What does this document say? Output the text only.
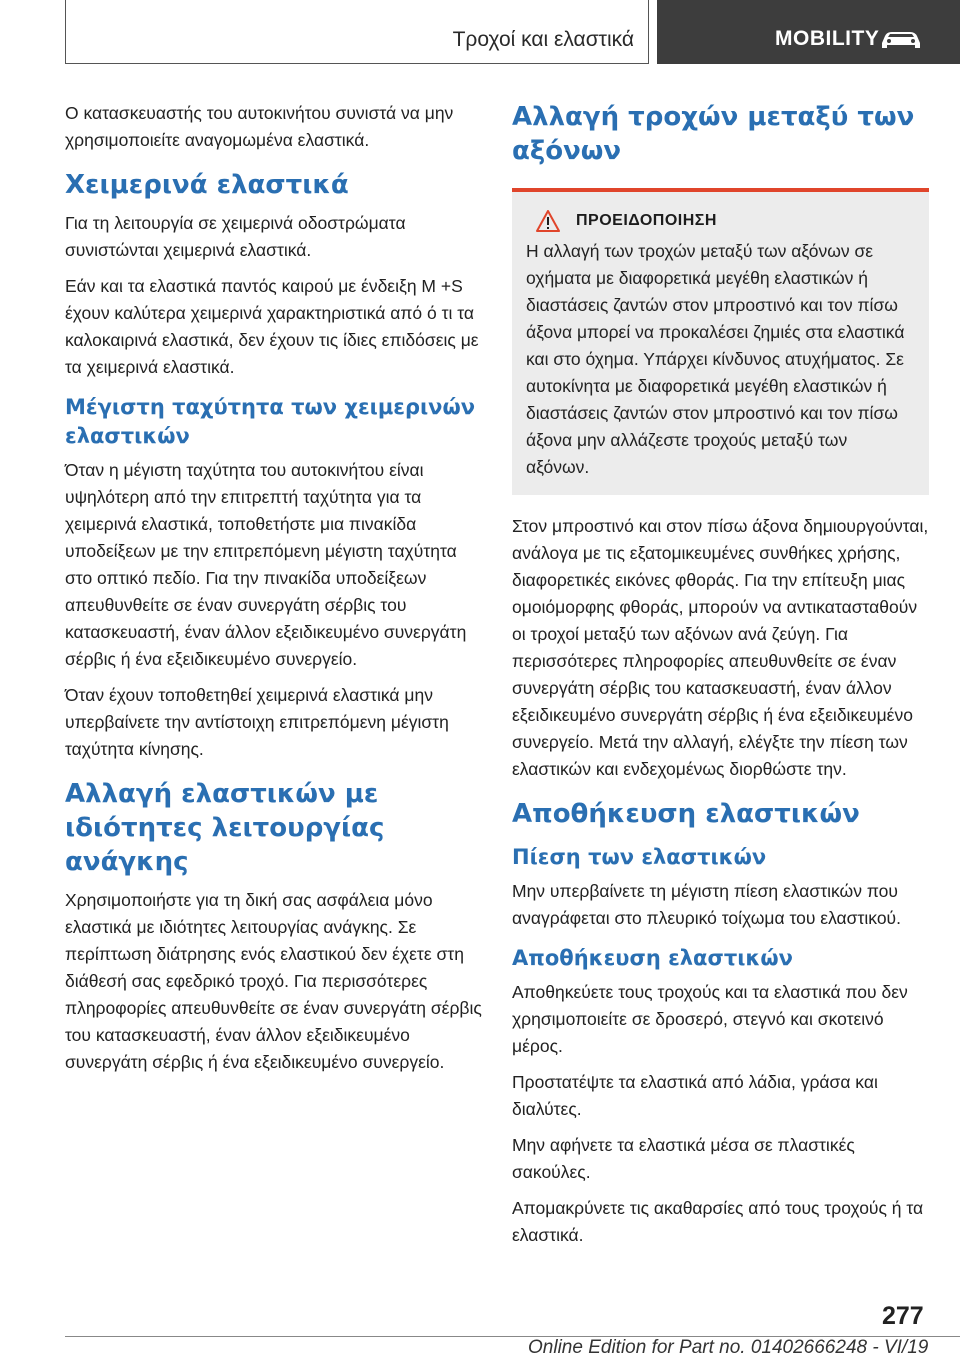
Τροχοί και ελαστικά	MOBILITY

Ο κατασκευαστής του αυτοκινήτου συνιστά να μην χρησιμοποιείτε αναγομωμένα ελαστικά.

Χειμερινά ελαστικά

Για τη λειτουργία σε χειμερινά οδοστρώματα συνιστώνται χειμερινά ελαστικά.

Εάν και τα ελαστικά παντός καιρού με ένδειξη M +S έχουν καλύτερα χειμερινά χαρακτηριστικά από ό τι τα καλοκαιρινά ελαστικά, δεν έχουν τις ίδιες επιδόσεις με τα χειμερινά ελαστικά.

Μέγιστη ταχύτητα των χειμερινών ελαστικών

Όταν η μέγιστη ταχύτητα του αυτοκινήτου είναι υψηλότερη από την επιτρεπτή ταχύτητα για τα χειμερινά ελαστικά, τοποθετήστε μια πινακίδα υποδείξεων με την επιτρεπόμενη μέγιστη ταχύτητα στο οπτικό πεδίο. Για την πινακίδα υποδείξεων απευθυνθείτε σε έναν συνεργάτη σέρβις του κατασκευαστή, έναν άλλον εξειδικευμένο συνεργάτη σέρβις ή ένα εξειδικευμένο συνεργείο.

Όταν έχουν τοποθετηθεί χειμερινά ελαστικά μην υπερβαίνετε την αντίστοιχη επιτρεπόμενη μέγιστη ταχύτητα κίνησης.

Αλλαγή ελαστικών με ιδιότητες λειτουργίας ανάγκης

Χρησιμοποιήστε για τη δική σας ασφάλεια μόνο ελαστικά με ιδιότητες λειτουργίας ανάγκης. Σε περίπτωση διάτρησης ενός ελαστικού δεν έχετε στη διάθεσή σας εφεδρικό τροχό. Για περισσότερες πληροφορίες απευθυνθείτε σε έναν συνεργάτη σέρβις του κατασκευαστή, έναν άλλον εξειδικευμένο συνεργάτη σέρβις ή ένα εξειδικευμένο συνεργείο.

Αλλαγή τροχών μεταξύ των αξόνων
ΠΡΟΕΙΔΟΠΟΙΗΣΗ

Η αλλαγή των τροχών μεταξύ των αξόνων σε οχήματα με διαφορετικά μεγέθη ελαστικών ή διαστάσεις ζαντών στον μπροστινό και τον πίσω άξονα μπορεί να προκαλέσει ζημιές στα ελαστικά και στο όχημα. Υπάρχει κίνδυνος ατυχήματος. Σε αυτοκίνητα με διαφορετικά μεγέθη ελαστικών ή διαστάσεις ζαντών στον μπροστινό και τον πίσω άξονα μην αλλάζεστε τροχούς μεταξύ των αξόνων.

Στον μπροστινό και στον πίσω άξονα δημιουργούνται, ανάλογα με τις εξατομικευμένες συνθήκες χρήσης, διαφορετικές εικόνες φθοράς. Για την επίτευξη μιας ομοιόμορφης φθοράς, μπορούν να αντικατασταθούν οι τροχοί μεταξύ των αξόνων ανά ζεύγη. Για περισσότερες πληροφορίες απευθυνθείτε σε έναν συνεργάτη σέρβις του κατασκευαστή, έναν άλλον εξειδικευμένο συνεργάτη σέρβις ή ένα εξειδικευμένο συνεργείο. Μετά την αλλαγή, ελέγξτε την πίεση των ελαστικών και ενδεχομένως διορθώστε την.

Αποθήκευση ελαστικών
Πίεση των ελαστικών

Μην υπερβαίνετε τη μέγιστη πίεση ελαστικών που αναγράφεται στο πλευρικό τοίχωμα του ελαστικού.

Αποθήκευση ελαστικών

Αποθηκεύετε τους τροχούς και τα ελαστικά που δεν χρησιμοποιείτε σε δροσερό, στεγνό και σκοτεινό μέρος.

Προστατέψτε τα ελαστικά από λάδια, γράσα και διαλύτες.

Μην αφήνετε τα ελαστικά μέσα σε πλαστικές σακούλες.

Απομακρύνετε τις ακαθαρσίες από τους τροχούς ή τα ελαστικά.

277
Online Edition for Part no. 01402666248 - VI/19
